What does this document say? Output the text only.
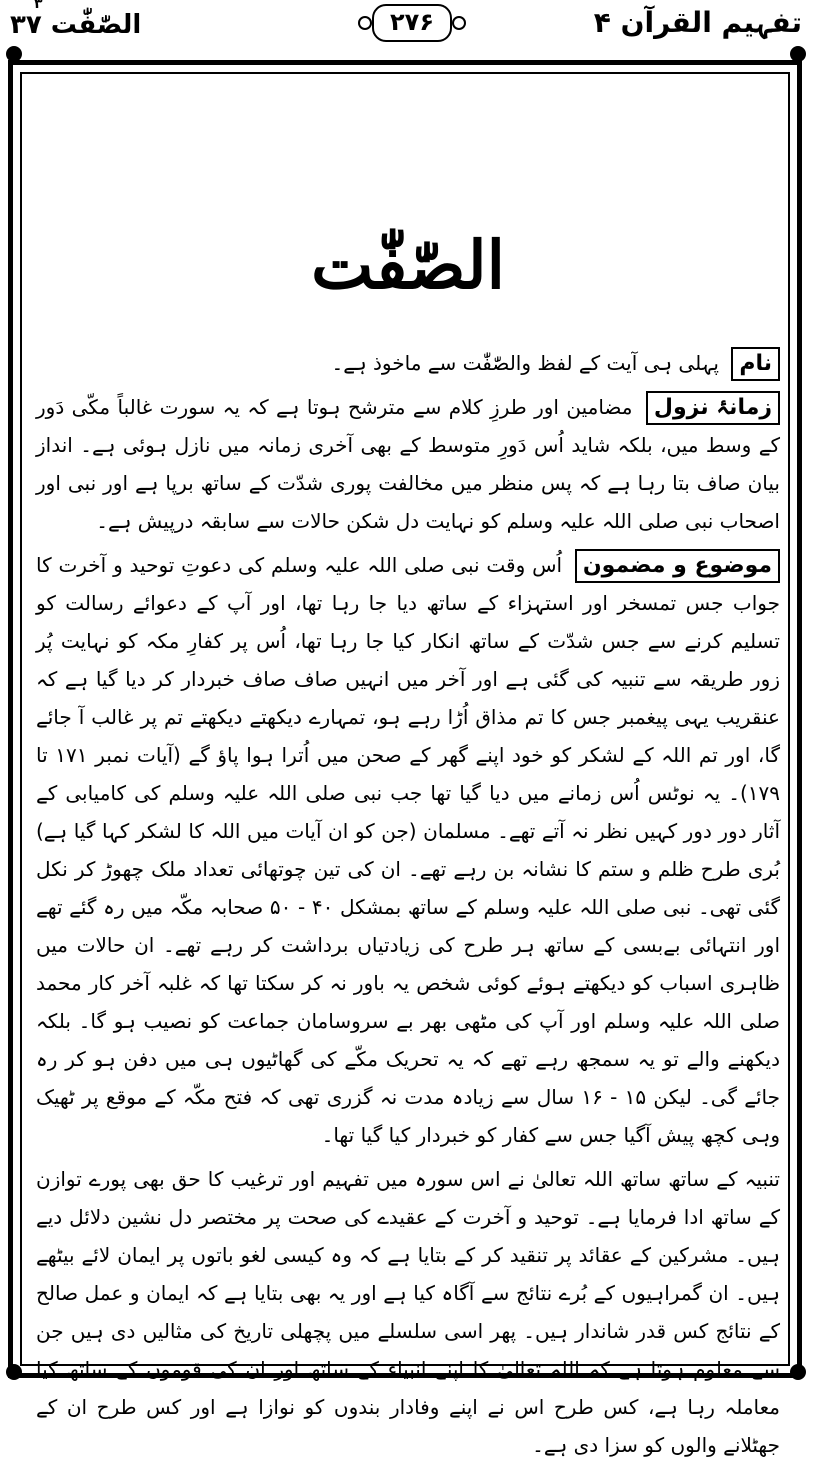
الصّٰفّٰت ۳۷
۳
۲۷۶	تفہیم القرآن ۴
الصّٰفّٰت

نام پہلی ہی آیت کے لفظ والصّٰفّٰت سے ماخوذ ہے۔

زمانۂ نزول مضامین اور طرزِ کلام سے مترشح ہوتا ہے کہ یہ سورت غالباً مکّی دَور کے وسط میں، بلکہ شاید اُس دَورِ متوسط کے بھی آخری زمانہ میں نازل ہوئی ہے۔ انداز بیان صاف بتا رہا ہے کہ پس منظر میں مخالفت پوری شدّت کے ساتھ برپا ہے اور نبی اور اصحاب نبی صلی اللہ علیہ وسلم کو نہایت دل شکن حالات سے سابقہ درپیش ہے۔

موضوع و مضمون اُس وقت نبی صلی اللہ علیہ وسلم کی دعوتِ توحید و آخرت کا جواب جس تمسخر اور استہزاء کے ساتھ دیا جا رہا تھا، اور آپ کے دعوائے رسالت کو تسلیم کرنے سے جس شدّت کے ساتھ انکار کیا جا رہا تھا، اُس پر کفارِ مکہ کو نہایت پُر زور طریقہ سے تنبیہ کی گئی ہے اور آخر میں انہیں صاف صاف خبردار کر دیا گیا ہے کہ عنقریب یہی پیغمبر جس کا تم مذاق اُڑا رہے ہو، تمہارے دیکھتے دیکھتے تم پر غالب آ جائے گا، اور تم اللہ کے لشکر کو خود اپنے گھر کے صحن میں اُترا ہوا پاؤ گے (آیات نمبر ۱۷۱ تا ۱۷۹)۔ یہ نوٹس اُس زمانے میں دیا گیا تھا جب نبی صلی اللہ علیہ وسلم کی کامیابی کے آثار دور دور کہیں نظر نہ آتے تھے۔ مسلمان (جن کو ان آیات میں اللہ کا لشکر کہا گیا ہے) بُری طرح ظلم و ستم کا نشانہ بن رہے تھے۔ ان کی تین چوتھائی تعداد ملک چھوڑ کر نکل گئی تھی۔ نبی صلی اللہ علیہ وسلم کے ساتھ بمشکل ۴۰ - ۵۰ صحابہ مکّہ میں رہ گئے تھے اور انتہائی بےبسی کے ساتھ ہر طرح کی زیادتیاں برداشت کر رہے تھے۔ ان حالات میں ظاہری اسباب کو دیکھتے ہوئے کوئی شخص یہ باور نہ کر سکتا تھا کہ غلبہ آخر کار محمد صلی اللہ علیہ وسلم اور آپ کی مٹھی بھر بے سروسامان جماعت کو نصیب ہو گا۔ بلکہ دیکھنے والے تو یہ سمجھ رہے تھے کہ یہ تحریک مکّے کی گھاٹیوں ہی میں دفن ہو کر رہ جائے گی۔ لیکن ۱۵ - ۱۶ سال سے زیادہ مدت نہ گزری تھی کہ فتح مکّہ کے موقع پر ٹھیک وہی کچھ پیش آگیا جس سے کفار کو خبردار کیا گیا تھا۔

تنبیہ کے ساتھ ساتھ اللہ تعالیٰ نے اس سورہ میں تفہیم اور ترغیب کا حق بھی پورے توازن کے ساتھ ادا فرمایا ہے۔ توحید و آخرت کے عقیدے کی صحت پر مختصر دل نشین دلائل دیے ہیں۔ مشرکین کے عقائد پر تنقید کر کے بتایا ہے کہ وہ کیسی لغو باتوں پر ایمان لائے بیٹھے ہیں۔ ان گمراہیوں کے بُرے نتائج سے آگاہ کیا ہے اور یہ بھی بتایا ہے کہ ایمان و عمل صالح کے نتائج کس قدر شاندار ہیں۔ پھر اسی سلسلے میں پچھلی تاریخ کی مثالیں دی ہیں جن سے معلوم ہوتا ہے کہ اللہ تعالیٰ کا اپنے انبیاء کے ساتھ اور ان کی قوموں کے ساتھ کیا معاملہ رہا ہے، کس طرح اس نے اپنے وفادار بندوں کو نوازا ہے اور کس طرح ان کے جھٹلانے والوں کو سزا دی ہے۔
